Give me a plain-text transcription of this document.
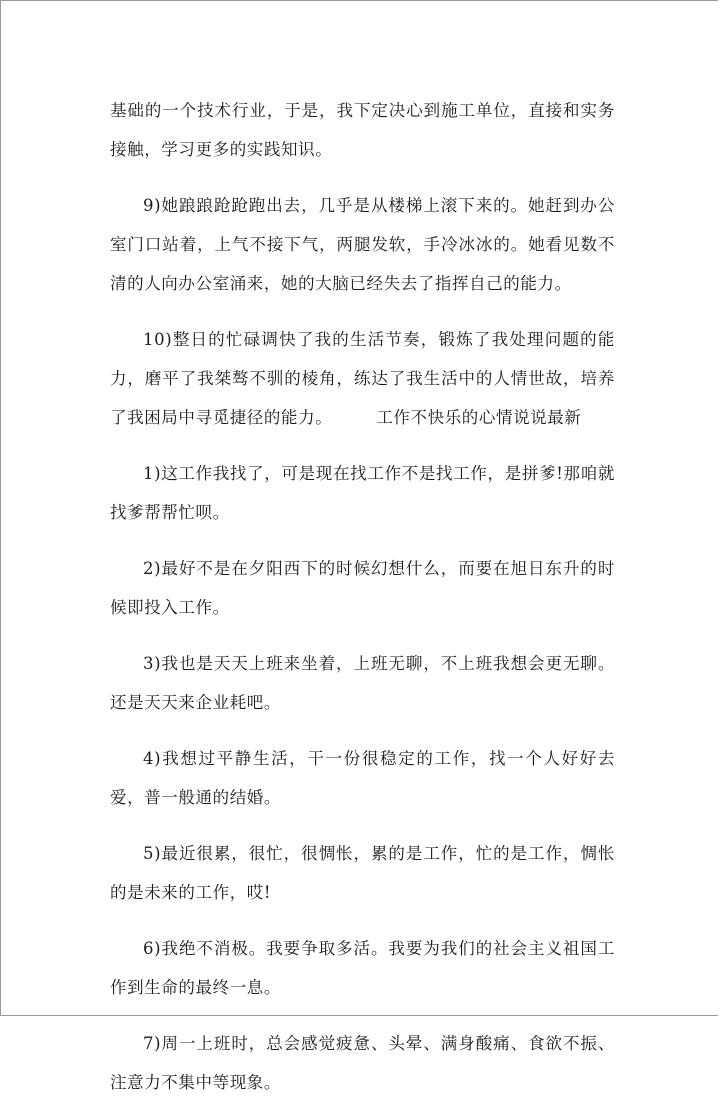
基础的一个技术行业，于是，我下定决心到施工单位，直接和实务接触，学习更多的实践知识。

9)她踉踉跄跄跑出去，几乎是从楼梯上滚下来的。她赶到办公室门口站着，上气不接下气，两腿发软，手冷冰冰的。她看见数不清的人向办公室涌来，她的大脑已经失去了指挥自己的能力。

10)整日的忙碌调快了我的生活节奏，锻炼了我处理问题的能力，磨平了我桀骜不驯的棱角，练达了我生活中的人情世故，培养了我困局中寻觅捷径的能力。	工作不快乐的心情说说最新

1)这工作我找了，可是现在找工作不是找工作，是拼爹!那咱就找爹帮帮忙呗。

2)最好不是在夕阳西下的时候幻想什么，而要在旭日东升的时候即投入工作。

3)我也是天天上班来坐着，上班无聊，不上班我想会更无聊。还是天天来企业耗吧。

4)我想过平静生活，干一份很稳定的工作，找一个人好好去爱，普一般通的结婚。

5)最近很累，很忙，很惆怅，累的是工作，忙的是工作，惆怅的是未来的工作，哎!

6)我绝不消极。我要争取多活。我要为我们的社会主义祖国工作到生命的最终一息。

7)周一上班时，总会感觉疲惫、头晕、满身酸痛、食欲不振、注意力不集中等现象。
